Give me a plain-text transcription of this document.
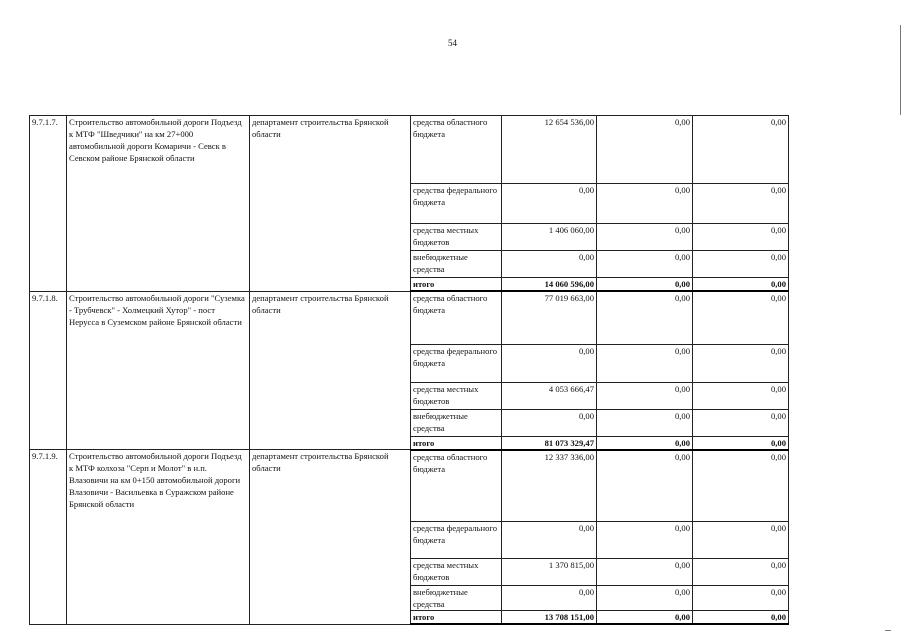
54
9.7.1.7.	Строительство автомобильной дороги Подъезд к МТФ "Шведчики" на км 27+000 автомобильной дороги Комаричи - Севск в Севском районе Брянской области	департамент строительства Брянской области	средства областного бюджета	12 654 536,00	0,00	0,00
			средства федерального бюджета	0,00	0,00	0,00
			средства местных бюджетов	1 406 060,00	0,00	0,00
			внебюджетные средства	0,00	0,00	0,00
			итого	14 060 596,00	0,00	0,00
9.7.1.8.	Строительство автомобильной дороги "Суземка - Трубчевск" - Холмецкий Хутор" - пост Нерусса в Суземском районе Брянской области	департамент строительства Брянской области	средства областного бюджета	77 019 663,00	0,00	0,00
			средства федерального бюджета	0,00	0,00	0,00
			средства местных бюджетов	4 053 666,47	0,00	0,00
			внебюджетные средства	0,00	0,00	0,00
			итого	81 073 329,47	0,00	0,00
9.7.1.9.	Строительство автомобильной дороги Подъезд к МТФ колхоза "Серп и Молот" в н.п. Влазовичи на км 0+150 автомобильной дороги Влазовичи - Васильевка в Суражском районе Брянской области	департамент строительства Брянской области	средства областного бюджета	12 337 336,00	0,00	0,00
			средства федерального бюджета	0,00	0,00	0,00
			средства местных бюджетов	1 370 815,00	0,00	0,00
			внебюджетные средства	0,00	0,00	0,00
			итого	13 708 151,00	0,00	0,00
